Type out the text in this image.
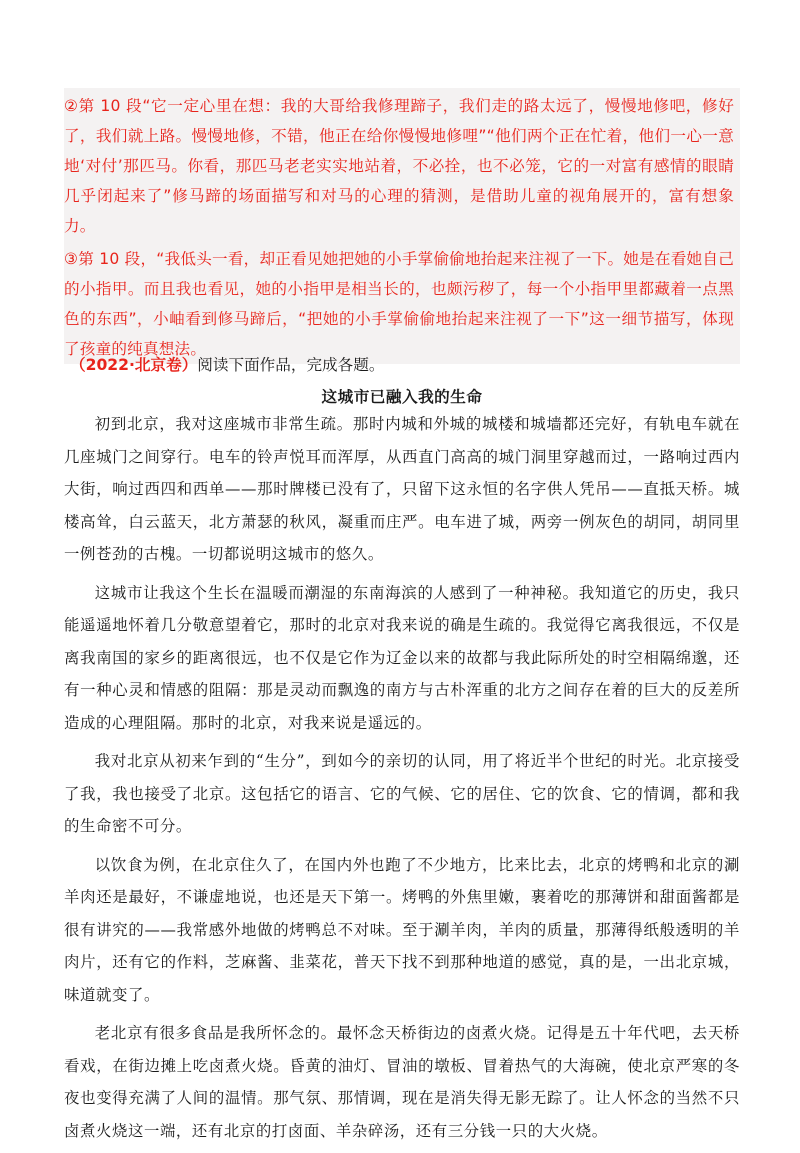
②第 10 段“它一定心里在想：我的大哥给我修理蹄子，我们走的路太远了，慢慢地修吧，修好了，我们就上路。慢慢地修，不错，他正在给你慢慢地修哩”“他们两个正在忙着，他们一心一意地‘对付’那匹马。你看，那匹马老老实实地站着，不必拴，也不必笼，它的一对富有感情的眼睛几乎闭起来了”修马蹄的场面描写和对马的心理的猜测，是借助儿童的视角展开的，富有想象力。

③第 10 段，“我低头一看，却正看见她把她的小手掌偷偷地抬起来注视了一下。她是在看她自己的小指甲。而且我也看见，她的小指甲是相当长的，也颇污秽了，每一个小指甲里都藏着一点黑色的东西”，小岫看到修马蹄后，“把她的小手掌偷偷地抬起来注视了一下”这一细节描写，体现了孩童的纯真想法。

（2022·北京卷）阅读下面作品，完成各题。
这城市已融入我的生命

初到北京，我对这座城市非常生疏。那时内城和外城的城楼和城墙都还完好，有轨电车就在几座城门之间穿行。电车的铃声悦耳而浑厚，从西直门高高的城门洞里穿越而过，一路响过西内大街，响过西四和西单——那时牌楼已没有了，只留下这永恒的名字供人凭吊——直抵天桥。城楼高耸，白云蓝天，北方萧瑟的秋风，凝重而庄严。电车进了城，两旁一例灰色的胡同，胡同里一例苍劲的古槐。一切都说明这城市的悠久。

这城市让我这个生长在温暖而潮湿的东南海滨的人感到了一种神秘。我知道它的历史，我只能遥遥地怀着几分敬意望着它，那时的北京对我来说的确是生疏的。我觉得它离我很远，不仅是离我南国的家乡的距离很远，也不仅是它作为辽金以来的故都与我此际所处的时空相隔绵邈，还有一种心灵和情感的阻隔：那是灵动而飘逸的南方与古朴浑重的北方之间存在着的巨大的反差所造成的心理阻隔。那时的北京，对我来说是遥远的。

我对北京从初来乍到的“生分”，到如今的亲切的认同，用了将近半个世纪的时光。北京接受了我，我也接受了北京。这包括它的语言、它的气候、它的居住、它的饮食、它的情调，都和我的生命密不可分。

以饮食为例，在北京住久了，在国内外也跑了不少地方，比来比去，北京的烤鸭和北京的涮羊肉还是最好，不谦虚地说，也还是天下第一。烤鸭的外焦里嫩，裹着吃的那薄饼和甜面酱都是很有讲究的——我常感外地做的烤鸭总不对味。至于涮羊肉，羊肉的质量，那薄得纸般透明的羊肉片，还有它的作料，芝麻酱、韭菜花，普天下找不到那种地道的感觉，真的是，一出北京城，味道就变了。

老北京有很多食品是我所怀念的。最怀念天桥街边的卤煮火烧。记得是五十年代吧，去天桥看戏，在街边摊上吃卤煮火烧。昏黄的油灯、冒油的墩板、冒着热气的大海碗，使北京严寒的冬夜也变得充满了人间的温情。那气氛、那情调，现在是消失得无影无踪了。让人怀念的当然不只卤煮火烧这一端，还有北京的打卤面、羊杂碎汤，还有三分钱一只的大火烧。
